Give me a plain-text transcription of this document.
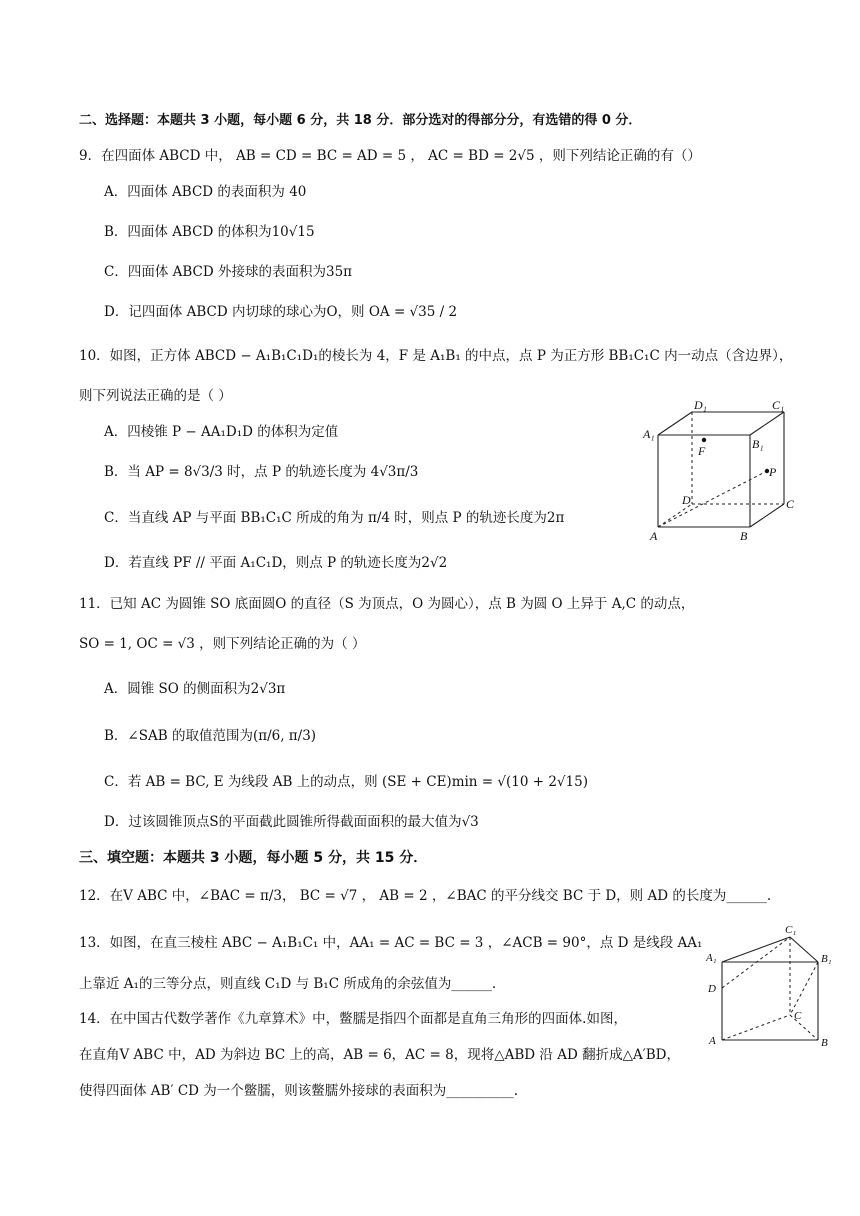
二、选择题：本题共 3 小题，每小题 6 分，共 18 分．部分选对的得部分分，有选错的得 0 分．
9．在四面体 ABCD 中， AB = CD = BC = AD = 5 ， AC = BD = 2√5 ，则下列结论正确的有（）
A．四面体 ABCD 的表面积为 40
B．四面体 ABCD 的体积为10√15
C．四面体 ABCD 外接球的表面积为35π
D．记四面体 ABCD 内切球的球心为O，则 OA = √35 / 2
10．如图，正方体 ABCD − A₁B₁C₁D₁的棱长为 4，F 是 A₁B₁ 的中点，点 P 为正方形 BB₁C₁C 内一动点（含边界），
则下列说法正确的是（ ）
A．四棱锥 P − AA₁D₁D 的体积为定值
B．当 AP = 8√3/3 时，点 P 的轨迹长度为 4√3π/3
C．当直线 AP 与平面 BB₁C₁C 所成的角为 π/4 时，则点 P 的轨迹长度为2π
D．若直线 PF // 平面 A₁C₁D，则点 P 的轨迹长度为2√2
D₁	C₁
A₁
B₁
F
P
D	C
A	B
11．已知 AC 为圆锥 SO 底面圆O 的直径（S 为顶点，O 为圆心），点 B 为圆 O 上异于 A,C 的动点，
SO = 1, OC = √3 ，则下列结论正确的为（ ）
A．圆锥 SO 的侧面积为2√3π
B．∠SAB 的取值范围为(π/6, π/3)
C．若 AB = BC, E 为线段 AB 上的动点，则 (SE + CE)min = √(10 + 2√15)
D．过该圆锥顶点S的平面截此圆锥所得截面面积的最大值为√3
三、填空题：本题共 3 小题，每小题 5 分，共 15 分．
12．在V ABC 中，∠BAC = π/3， BC = √7 ， AB = 2 ，∠BAC 的平分线交 BC 于 D，则 AD 的长度为______.
13．如图，在直三棱柱 ABC − A₁B₁C₁ 中，AA₁ = AC = BC = 3 ，∠ACB = 90°，点 D 是线段 AA₁
上靠近 A₁的三等分点，则直线 C₁D 与 B₁C 所成角的余弦值为______.
C₁
A₁	B₁
D
C
A	B
14．在中国古代数学著作《九章算术》中，鳖臑是指四个面都是直角三角形的四面体.如图，
在直角V ABC 中，AD 为斜边 BC 上的高，AB = 6，AC = 8，现将△ABD 沿 AD 翻折成△A′BD，
使得四面体 AB′ CD 为一个鳖臑，则该鳖臑外接球的表面积为__________.
